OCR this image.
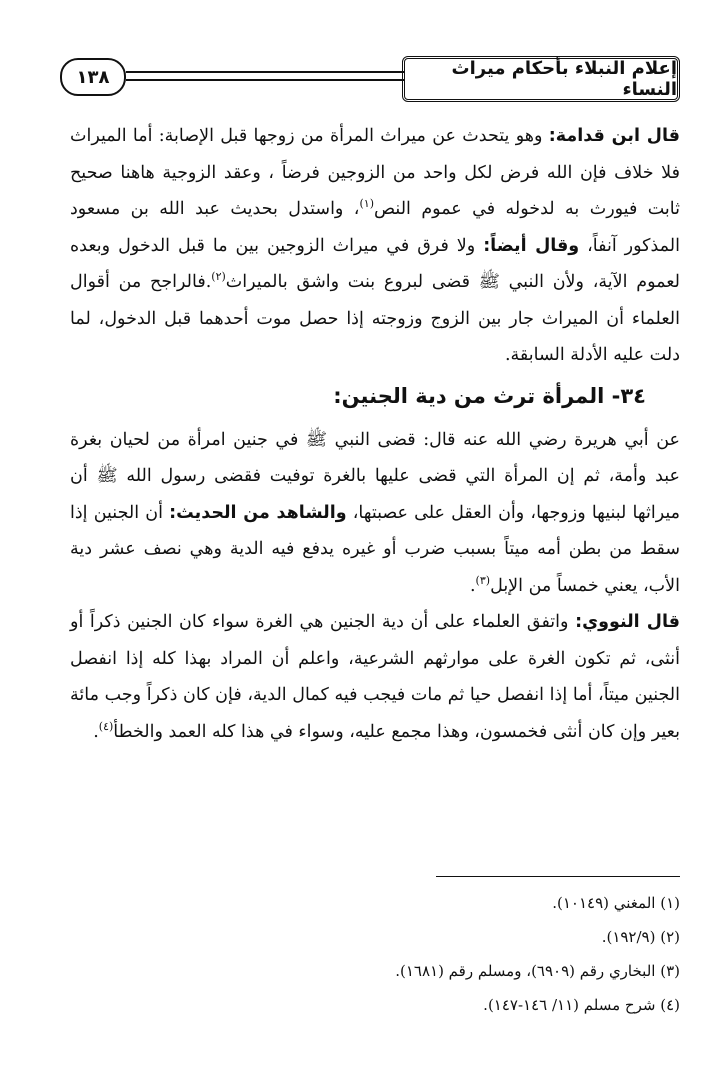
إعلام النبلاء بأحكام ميراث النساء
١٣٨

قال ابن قدامة: وهو يتحدث عن ميراث المرأة من زوجها قبل الإصابة: أما الميراث فلا خلاف فإن الله فرض لكل واحد من الزوجين فرضاً ، وعقد الزوجية هاهنا صحيح ثابت فيورث به لدخوله في عموم النص$^{(١)}$، واستدل بحديث عبد الله بن مسعود المذكور آنفاً، وقال أيضاً: ولا فرق في ميراث الزوجين بين ما قبل الدخول وبعده لعموم الآية، ولأن النبي ﷺ قضى لبروع بنت واشق بالميراث$^{(٢)}$.فالراجح من أقوال العلماء أن الميراث جار بين الزوج وزوجته إذا حصل موت أحدهما قبل الدخول، لما دلت عليه الأدلة السابقة.

٣٤- المرأة ترث من دية الجنين:

عن أبي هريرة رضي الله عنه قال: قضى النبي ﷺ في جنين امرأة من لحيان بغرة عبد وأمة، ثم إن المرأة التي قضى عليها بالغرة توفيت فقضى رسول الله ﷺ أن ميراثها لبنيها وزوجها، وأن العقل على عصبتها، والشاهد من الحديث: أن الجنين إذا سقط من بطن أمه ميتاً بسبب ضرب أو غيره يدفع فيه الدية وهي نصف عشر دية الأب، يعني خمساً من الإبل$^{(٣)}$.

قال النووي: واتفق العلماء على أن دية الجنين هي الغرة سواء كان الجنين ذكراً أو أنثى، ثم تكون الغرة على موارثهم الشرعية، واعلم أن المراد بهذا كله إذا انفصل الجنين ميتاً، أما إذا انفصل حيا ثم مات فيجب فيه كمال الدية، فإن كان ذكراً وجب مائة بعير وإن كان أنثى فخمسون، وهذا مجمع عليه، وسواء في هذا كله العمد والخطأ$^{(٤)}$.

(١) المغني (١٠١٤٩).
(٢) (١٩٢/٩).
(٣) البخاري رقم (٦٩٠٩)، ومسلم رقم (١٦٨١).
(٤) شرح مسلم (١١/ ١٤٦-١٤٧).
